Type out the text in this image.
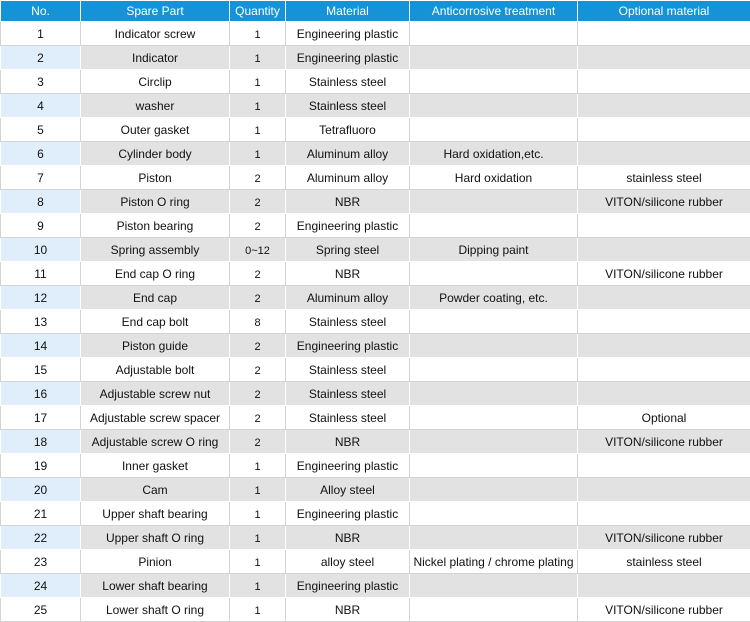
No.	Spare Part	Quantity	Material	Anticorrosive treatment	Optional material
1	Indicator screw	1	Engineering plastic		
2	Indicator	1	Engineering plastic		
3	Circlip	1	Stainless steel		
4	washer	1	Stainless steel		
5	Outer gasket	1	Tetrafluoro		
6	Cylinder body	1	Aluminum alloy	Hard oxidation,etc.	
7	Piston	2	Aluminum alloy	Hard oxidation	stainless steel
8	Piston O ring	2	NBR		VITON/silicone rubber
9	Piston bearing	2	Engineering plastic		
10	Spring assembly	0~12	Spring steel	Dipping paint	
11	End cap O ring	2	NBR		VITON/silicone rubber
12	End cap	2	Aluminum alloy	Powder coating, etc.	
13	End cap bolt	8	Stainless steel		
14	Piston guide	2	Engineering plastic		
15	Adjustable bolt	2	Stainless steel		
16	Adjustable screw nut	2	Stainless steel		
17	Adjustable screw spacer	2	Stainless steel		Optional
18	Adjustable screw O ring	2	NBR		VITON/silicone rubber
19	Inner gasket	1	Engineering plastic		
20	Cam	1	Alloy steel		
21	Upper shaft bearing	1	Engineering plastic		
22	Upper shaft O ring	1	NBR		VITON/silicone rubber
23	Pinion	1	alloy steel	Nickel plating / chrome plating	stainless steel
24	Lower shaft bearing	1	Engineering plastic		
25	Lower shaft O ring	1	NBR		VITON/silicone rubber
